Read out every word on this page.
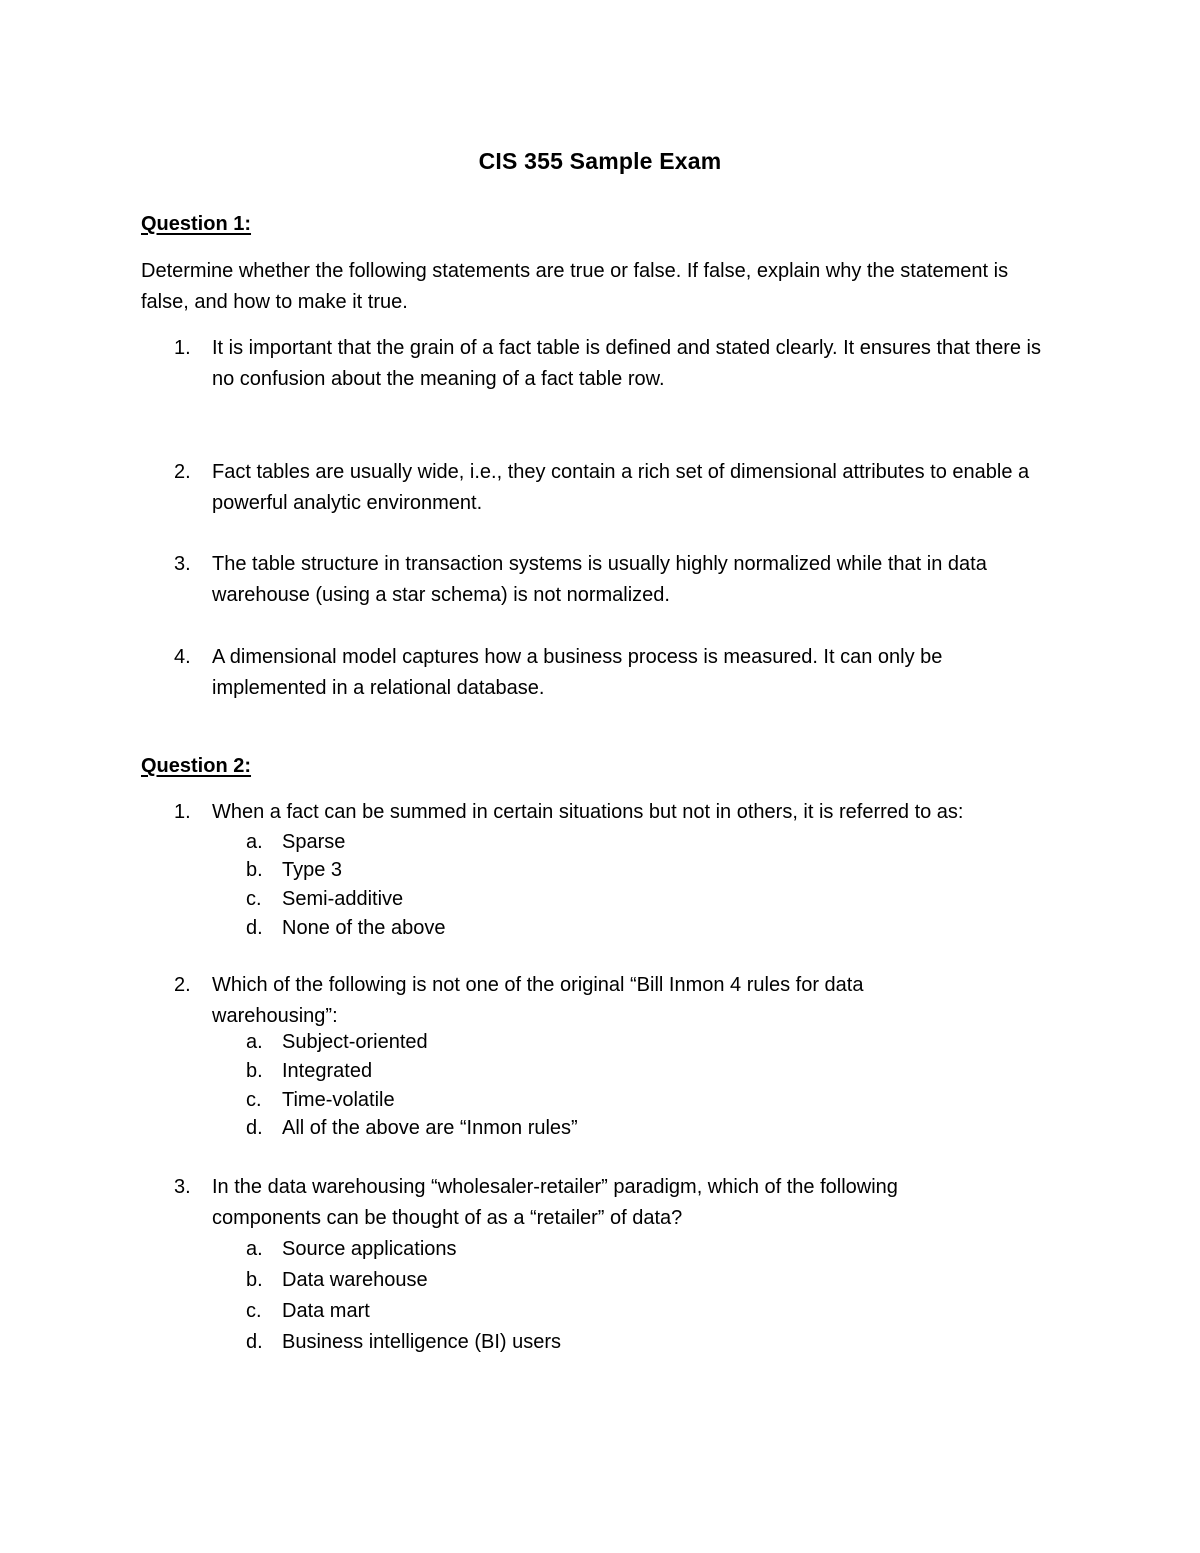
CIS 355 Sample Exam
Question 1:
Determine whether the following statements are true or false. If false, explain why the statement is false, and how to make it true.
1.	It is important that the grain of a fact table is defined and stated clearly. It ensures that there is no confusion about the meaning of a fact table row.
2.	Fact tables are usually wide, i.e., they contain a rich set of dimensional attributes to enable a powerful analytic environment.
3.	The table structure in transaction systems is usually highly normalized while that in data warehouse (using a star schema) is not normalized.
4.	A dimensional model captures how a business process is measured. It can only be implemented in a relational database.
Question 2:
1.	When a fact can be summed in certain situations but not in others, it is referred to as:
a. Sparse
b. Type 3
c.	Semi-additive
d. None of the above
2.	Which of the following is not one of the original “Bill Inmon 4 rules for data warehousing”:
a. Subject-oriented
b. Integrated
c.	Time-volatile
d. All of the above are “Inmon rules”
3.	In the data warehousing “wholesaler-retailer” paradigm, which of the following components can be thought of as a “retailer” of data?
a. Source applications
b. Data warehouse
c.	Data mart
d. Business intelligence (BI) users
